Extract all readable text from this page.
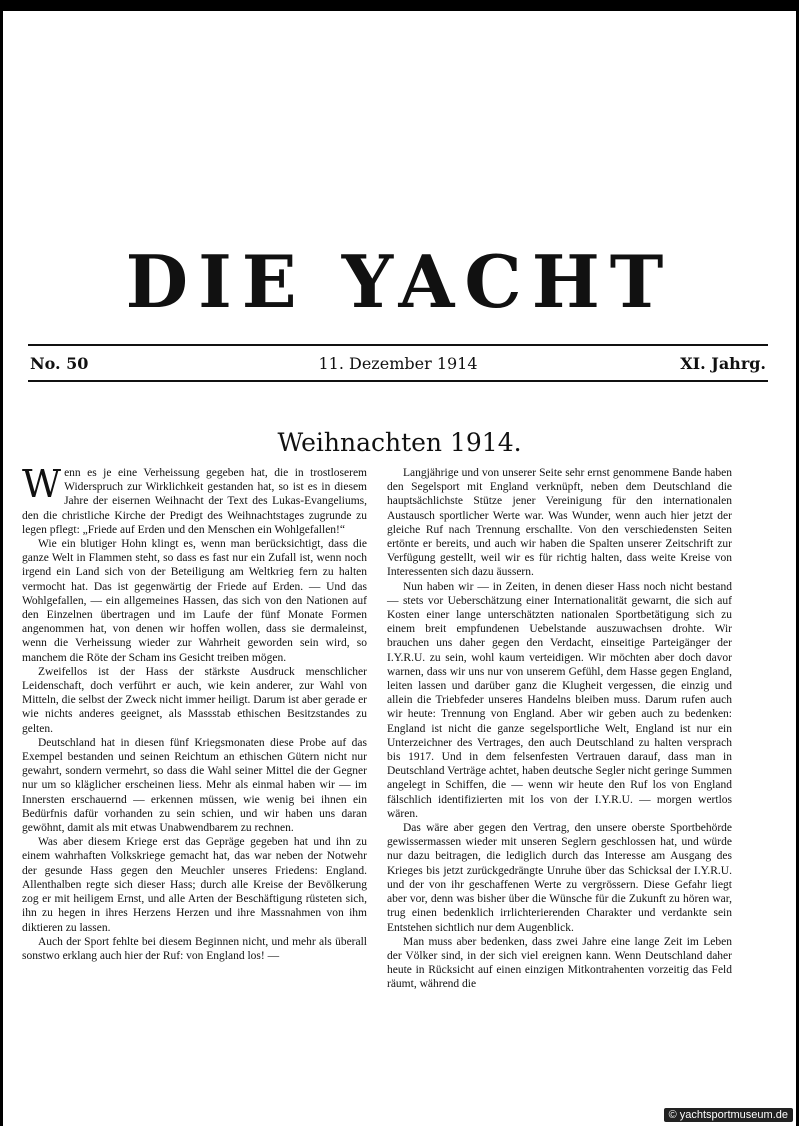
DIE YACHT
No. 50	11. Dezember 1914	XI. Jahrg.
Weihnachten 1914.

Wenn es je eine Verheissung gegeben hat, die in trostloserem Widerspruch zur Wirklichkeit gestanden hat, so ist es in diesem Jahre der eisernen Weihnacht der Text des Lukas-Evangeliums, den die christliche Kirche der Predigt des Weihnachtstages zugrunde zu legen pflegt: „Friede auf Erden und den Menschen ein Wohlgefallen!“

Wie ein blutiger Hohn klingt es, wenn man berücksichtigt, dass die ganze Welt in Flammen steht, so dass es fast nur ein Zufall ist, wenn noch irgend ein Land sich von der Beteiligung am Weltkrieg fern zu halten vermocht hat. Das ist gegenwärtig der Friede auf Erden. — Und das Wohlgefallen, — ein allgemeines Hassen, das sich von den Nationen auf den Einzelnen übertragen und im Laufe der fünf Monate Formen angenommen hat, von denen wir hoffen wollen, dass sie dermaleinst, wenn die Verheissung wieder zur Wahrheit geworden sein wird, so manchem die Röte der Scham ins Gesicht treiben mögen.

Zweifellos ist der Hass der stärkste Ausdruck menschlicher Leidenschaft, doch verführt er auch, wie kein anderer, zur Wahl von Mitteln, die selbst der Zweck nicht immer heiligt. Darum ist aber gerade er wie nichts anderes geeignet, als Massstab ethischen Besitzstandes zu gelten.

Deutschland hat in diesen fünf Kriegsmonaten diese Probe auf das Exempel bestanden und seinen Reichtum an ethischen Gütern nicht nur gewahrt, sondern vermehrt, so dass die Wahl seiner Mittel die der Gegner nur um so kläglicher erscheinen liess. Mehr als einmal haben wir — im Innersten erschauernd — erkennen müssen, wie wenig bei ihnen ein Bedürfnis dafür vorhanden zu sein schien, und wir haben uns daran gewöhnt, damit als mit etwas Unabwendbarem zu rechnen.

Was aber diesem Kriege erst das Gepräge gegeben hat und ihn zu einem wahrhaften Volkskriege gemacht hat, das war neben der Notwehr der gesunde Hass gegen den Meuchler unseres Friedens: England. Allenthalben regte sich dieser Hass; durch alle Kreise der Bevölkerung zog er mit heiligem Ernst, und alle Arten der Beschäftigung rüsteten sich, ihn zu hegen in ihres Herzens Herzen und ihre Massnahmen von ihm diktieren zu lassen.

Auch der Sport fehlte bei diesem Beginnen nicht, und mehr als überall sonstwo erklang auch hier der Ruf: von England los! —

Langjährige und von unserer Seite sehr ernst genommene Bande haben den Segelsport mit England verknüpft, neben dem Deutschland die hauptsächlichste Stütze jener Vereinigung für den internationalen Austausch sportlicher Werte war. Was Wunder, wenn auch hier jetzt der gleiche Ruf nach Trennung erschallte. Von den verschiedensten Seiten ertönte er bereits, und auch wir haben die Spalten unserer Zeitschrift zur Verfügung gestellt, weil wir es für richtig halten, dass weite Kreise von Interessenten sich dazu äussern.

Nun haben wir — in Zeiten, in denen dieser Hass noch nicht bestand — stets vor Ueberschätzung einer Internationalität gewarnt, die sich auf Kosten einer lange unterschätzten nationalen Sportbetätigung sich zu einem breit empfundenen Uebelstande auszuwachsen drohte. Wir brauchen uns daher gegen den Verdacht, einseitige Parteigänger der I.Y.R.U. zu sein, wohl kaum verteidigen. Wir möchten aber doch davor warnen, dass wir uns nur von unserem Gefühl, dem Hasse gegen England, leiten lassen und darüber ganz die Klugheit vergessen, die einzig und allein die Triebfeder unseres Handelns bleiben muss. Darum rufen auch wir heute: Trennung von England. Aber wir geben auch zu bedenken: England ist nicht die ganze segelsportliche Welt, England ist nur ein Unterzeichner des Vertrages, den auch Deutschland zu halten versprach bis 1917. Und in dem felsenfesten Vertrauen darauf, dass man in Deutschland Verträge achtet, haben deutsche Segler nicht geringe Summen angelegt in Schiffen, die — wenn wir heute den Ruf los von England fälschlich identifizierten mit los von der I.Y.R.U. — morgen wertlos wären.

Das wäre aber gegen den Vertrag, den unsere oberste Sportbehörde gewissermassen wieder mit unseren Seglern geschlossen hat, und würde nur dazu beitragen, die lediglich durch das Interesse am Ausgang des Krieges bis jetzt zurückgedrängte Unruhe über das Schicksal der I.Y.R.U. und der von ihr geschaffenen Werte zu vergrössern. Diese Gefahr liegt aber vor, denn was bisher über die Wünsche für die Zukunft zu hören war, trug einen bedenklich irrlichterierenden Charakter und verdankte sein Entstehen sichtlich nur dem Augenblick.

Man muss aber bedenken, dass zwei Jahre eine lange Zeit im Leben der Völker sind, in der sich viel ereignen kann. Wenn Deutschland daher heute in Rücksicht auf einen einzigen Mitkontrahenten vorzeitig das Feld räumt, während die

© yachtsportmuseum.de
